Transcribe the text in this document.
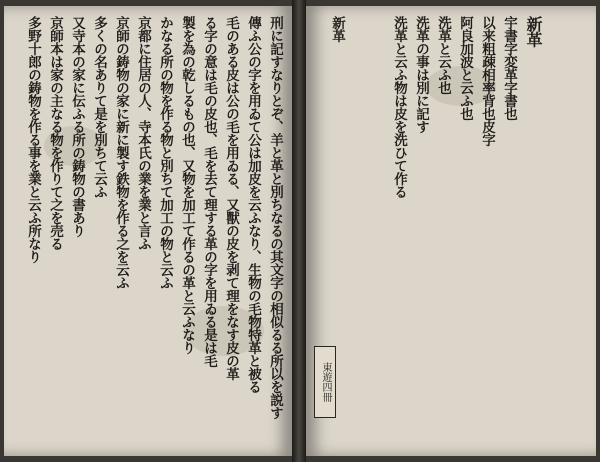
刑に記すなりとぞ、羊と革と別ちなるの其文字の相似るる所以を説す
傳ふ公の字を用ゐて公は加皮を云ふなり、生物の毛物特革と被る
毛のある皮は公の毛を用ゐる、又獸の皮を剥て理をなす皮の革
る字の意は毛の皮也、毛を去て理する革の字を用ゐる是は毛
製を為の乾しるもの也、又物を加工て作るの革と云ふなり
かなる所の物を作る物と別ちて加工の物と云ふ
京都に住居の人、寺本氏の業を業と言ふ
京師の鋳物の家に新に製す鉄物を作る之を云ふ
多くの名ありて是を別ちて云ふ
又寺本の家に伝ふる所の鋳物の書あり
京師本は家の主なる物を作りて之を売る
多野十郎の鋳物を作る事を業と云ふ所なり	新革
宇書字変革字書也
以来粗疎相率背也皮字
阿良加波と云ふ也
洗革と云ふ也
洗革の事は別に記す
洗革と云ふ物は皮を洗ひて作る
新革
東遊四冊
